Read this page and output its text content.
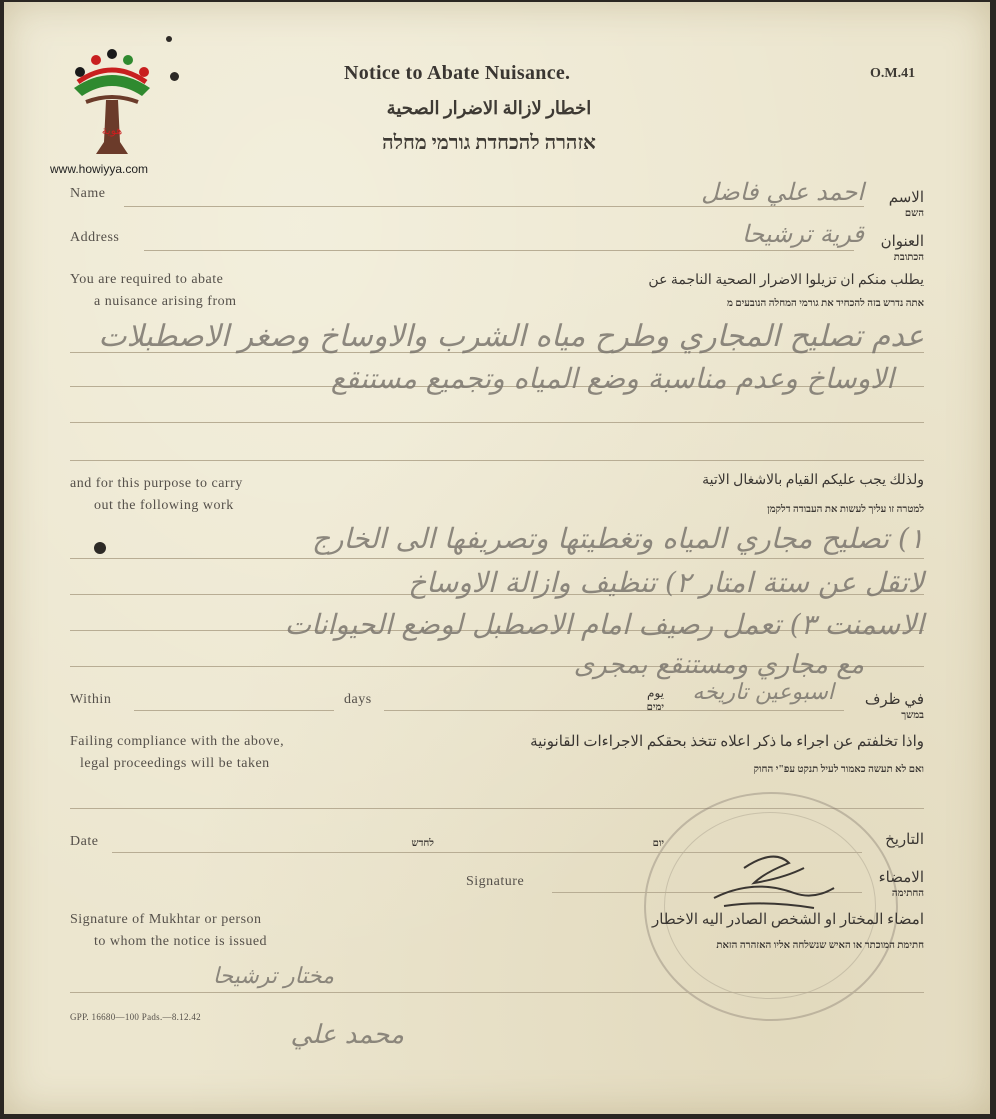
هوية
www.howiyya.com
Notice to Abate Nuisance.
اخطار لازالة الاضرار الصحية
אזהרה להכחדת גורמי מחלה
O.M.41
Name	احمد علي فاضل	الاسم
השם
Address	قرية ترشيحا	العنوان
הכתובת
You are required to abate
a nuisance arising from
يطلب منكم ان تزيلوا الاضرار الصحية الناجمة عن
אתה נדרש בזה להכחיד את גורמי המחלה הנובעים מ
عدم تصليح المجاري وطرح مياه الشرب والاوساخ وصغر الاصطبلات
الاوساخ وعدم مناسبة وضع المياه وتجميع مستنقع
and for this purpose to carry
out the following work
ولذلك يجب عليكم القيام بالاشغال الاتية
למטרה זו עליך לעשות את העבודה דלקמן
١) تصليح مجاري المياه وتغطيتها وتصريفها الى الخارج
لاتقل عن ستة امتار ٢) تنظيف وازالة الاوساخ
الاسمنت ٣) تعمل رصيف امام الاصطبل لوضع الحيوانات
مع مجاري ومستنقع بمجرى
Within	days	اسبوعين تاريخه
يوم
ימים	في ظرف
במשך
Failing compliance with the above,
legal proceedings will be taken
واذا تخلفتم عن اجراء ما ذكر اعلاه تتخذ بحقكم الاجراءات القانونية
ואם לא תעשה כאמור לעיל תנקט עפ"י החוק
Date	לחדש	יום	التاريخ
Signature	الامضاء
החתימה
Signature of Mukhtar or person
to whom the notice is issued
امضاء المختار او الشخص الصادر اليه الاخطار
חתימת המוכתר או האיש שנשלחה אליו האזהרה הזאת
مختار ترشيحا
محمد علي
GPP. 16680—100 Pads.—8.12.42
